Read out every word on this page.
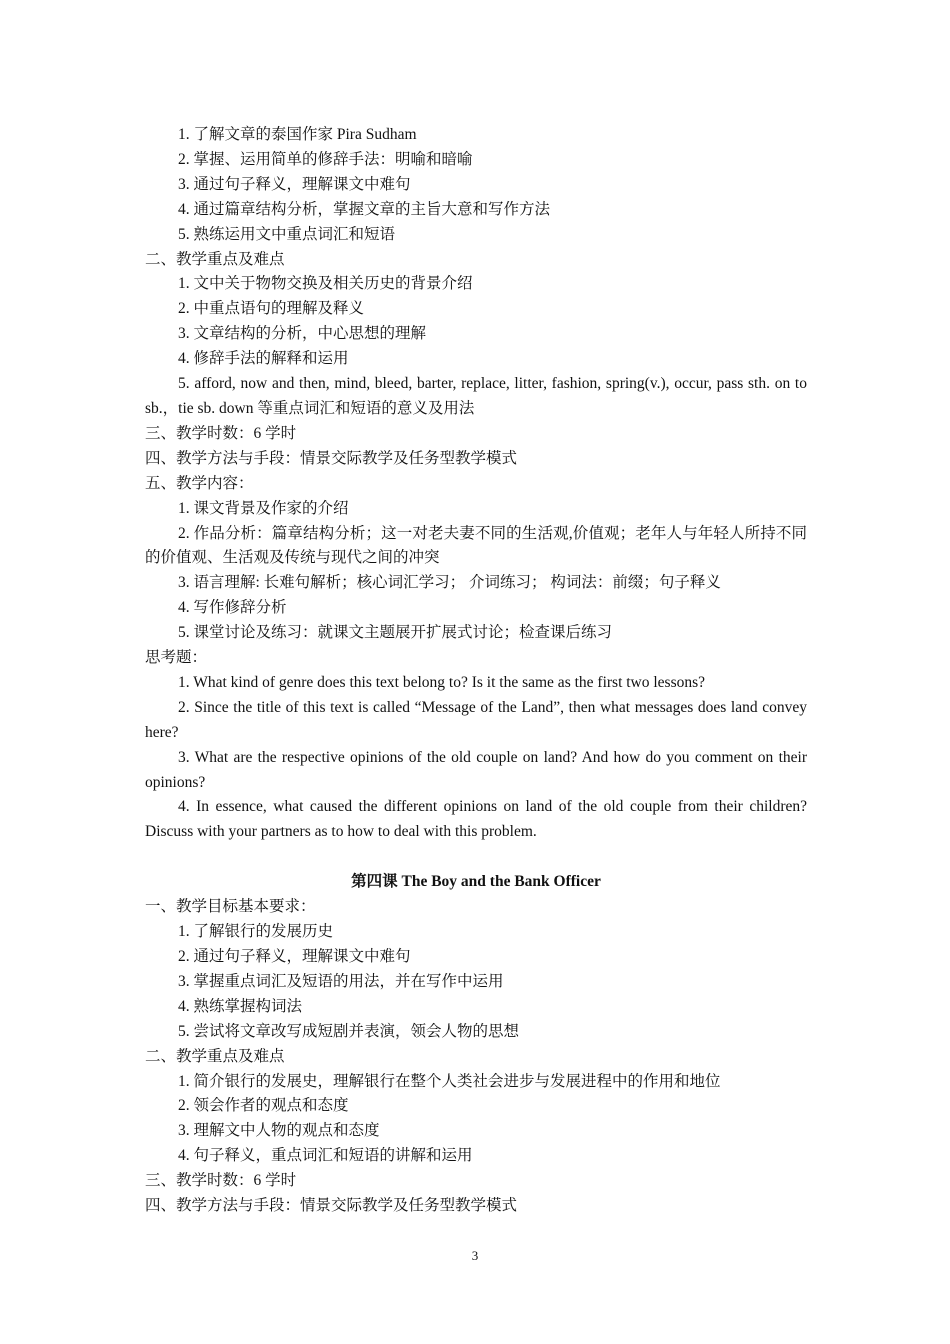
1. 了解文章的泰国作家 Pira Sudham
2. 掌握、运用简单的修辞手法：明喻和暗喻
3. 通过句子释义，理解课文中难句
4. 通过篇章结构分析，掌握文章的主旨大意和写作方法
5. 熟练运用文中重点词汇和短语
二、教学重点及难点
1. 文中关于物物交换及相关历史的背景介绍
2. 中重点语句的理解及释义
3. 文章结构的分析，中心思想的理解
4. 修辞手法的解释和运用
5. afford, now and then, mind, bleed, barter, replace, litter, fashion, spring(v.), occur, pass sth. on to sb.，tie sb. down 等重点词汇和短语的意义及用法
三、教学时数：6 学时
四、教学方法与手段：情景交际教学及任务型教学模式
五、教学内容：
1. 课文背景及作家的介绍
2. 作品分析：篇章结构分析；这一对老夫妻不同的生活观,价值观；老年人与年轻人所持不同的价值观、生活观及传统与现代之间的冲突
3. 语言理解: 长难句解析；核心词汇学习； 介词练习； 构词法：前缀；句子释义
4. 写作修辞分析
5. 课堂讨论及练习：就课文主题展开扩展式讨论；检查课后练习
思考题：
1. What kind of genre does this text belong to? Is it the same as the first two lessons?
2. Since the title of this text is called “Message of the Land”, then what messages does land convey here?
3. What are the respective opinions of the old couple on land? And how do you comment on their opinions?
4. In essence, what caused the different opinions on land of the old couple from their children? Discuss with your partners as to how to deal with this problem.
第四课 The Boy and the Bank Officer
一、教学目标基本要求：
1. 了解银行的发展历史
2. 通过句子释义，理解课文中难句
3. 掌握重点词汇及短语的用法，并在写作中运用
4. 熟练掌握构词法
5. 尝试将文章改写成短剧并表演，领会人物的思想
二、教学重点及难点
1. 简介银行的发展史，理解银行在整个人类社会进步与发展进程中的作用和地位
2. 领会作者的观点和态度
3. 理解文中人物的观点和态度
4. 句子释义，重点词汇和短语的讲解和运用
三、教学时数：6 学时
四、教学方法与手段：情景交际教学及任务型教学模式
3
